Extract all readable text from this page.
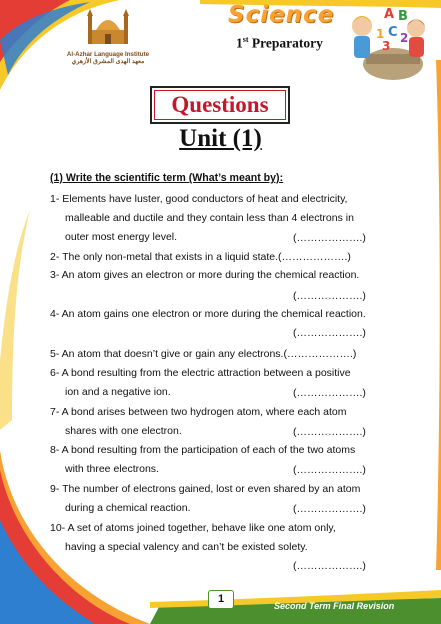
Al-Azhar Language Institute
معهد الهدى المشرق الأزهري
Science
1st Preparatory
A B
C
1 2
3
Questions
Unit (1)
(1) Write the scientific term (What’s meant by):
1- Elements have luster, good conductors of heat and electricity,
malleable and ductile and they contain less than 4 electrons in
outer most energy level.	(……………….)
2- The only non-metal that exists in a liquid state.(……………….)
3- An atom gives an electron or more during the chemical reaction.
(……………….)
4- An atom gains one electron or more during the chemical reaction.
(……………….)
5- An atom that doesn’t give or gain any electrons.(……………….)
6- A bond resulting from the electric attraction between a positive
ion and a negative ion.	(……………….)
7- A bond arises between two hydrogen atom, where each atom
shares with one electron.	(……………….)
8- A bond resulting from the participation of each of the two atoms
with three electrons.	(……………….)
9- The number of electrons gained, lost or even shared by an atom
during a chemical reaction.	(……………….)
10- A set of atoms joined together, behave like one atom only,
having a special valency and can’t be existed solety.
(……………….)
1
Second Term Final Revision
